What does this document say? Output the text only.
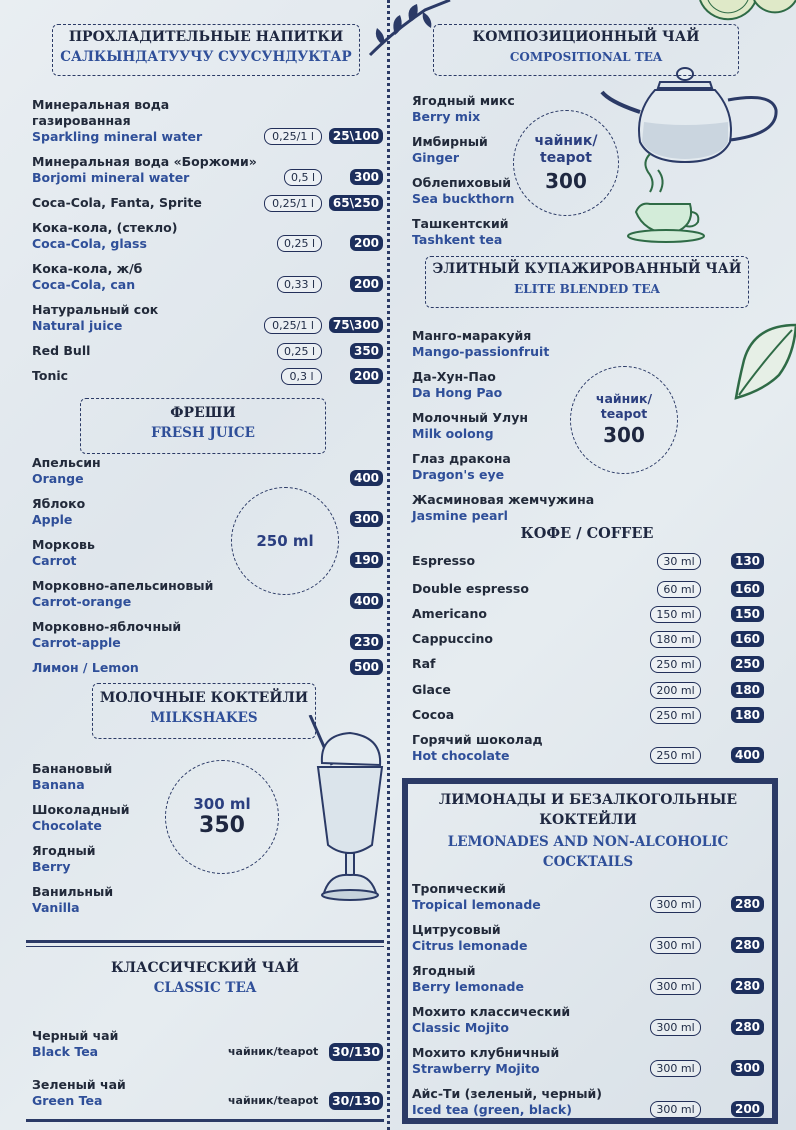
ПРОХЛАДИТЕЛЬНЫЕ НАПИТКИ
САЛКЫНДАТУУЧУ СУУСУНДУКТАР
Минеральная вода
газированная
Sparkling mineral water	0,25/1 l	25\100
Минеральная вода «Боржоми»
Borjomi mineral water	0,5 l	300
Coca-Cola, Fanta, Sprite	0,25/1 l	65\250
Кока-кола, (стекло)
Coca-Cola, glass	0,25 l	200
Кока-кола, ж/б
Coca-Cola, can	0,33 l	200
Натуральный сок
Natural juice	0,25/1 l	75\300
Red Bull	0,25 l	350
Tonic	0,3 l	200
ФРЕШИ
FRESH JUICE
250 ml
Апельсин
Orange	400
Яблоко
Apple	300
Морковь
Carrot	190
Морковно-апельсиновый
Carrot-orange	400
Морковно-яблочный
Carrot-apple	230
Лимон / Lemon	500
МОЛОЧНЫЕ КОКТЕЙЛИ
MILKSHAKES
300 ml
350
Банановый
Banana
Шоколадный
Chocolate
Ягодный
Berry
Ванильный
Vanilla
КЛАССИЧЕСКИЙ ЧАЙ
CLASSIC TEA
Черный чай
Black Tea	чайник/teapot 30/130
Зеленый чай
Green Tea	чайник/teapot 30/130
КОМПОЗИЦИОННЫЙ ЧАЙ
COMPOSITIONAL TEA
чайник/
teapot
300
Ягодный микс
Berry mix
Имбирный
Ginger
Облепиховый
Sea buckthorn
Ташкентский
Tashkent tea
ЭЛИТНЫЙ КУПАЖИРОВАННЫЙ ЧАЙ
ELITE BLENDED TEA
чайник/
teapot
300
Манго-маракуйя
Mango-passionfruit
Да-Хун-Пао
Da Hong Pao
Молочный Улун
Milk oolong
Глаз дракона
Dragon's eye
Жасминовая жемчужина
Jasmine pearl
КОФЕ / COFFEE
Espresso	30 ml	130
Double espresso	60 ml	160
Americano	150 ml	150
Cappuccino	180 ml	160
Raf	250 ml	250
Glace	200 ml	180
Cocoa	250 ml	180
Горячий шоколад
Hot chocolate	250 ml	400
ЛИМОНАДЫ И БЕЗАЛКОГОЛЬНЫЕ
КОКТЕЙЛИ
LEMONADES AND NON-ALCOHOLIC
COCKTAILS
Тропический
Tropical lemonade	300 ml	280
Цитрусовый
Citrus lemonade	300 ml	280
Ягодный
Berry lemonade	300 ml	280
Мохито классический
Classic Mojito	300 ml	280
Мохито клубничный
Strawberry Mojito	300 ml	300
Айс-Ти (зеленый, черный)
Iced tea (green, black)	300 ml	200
